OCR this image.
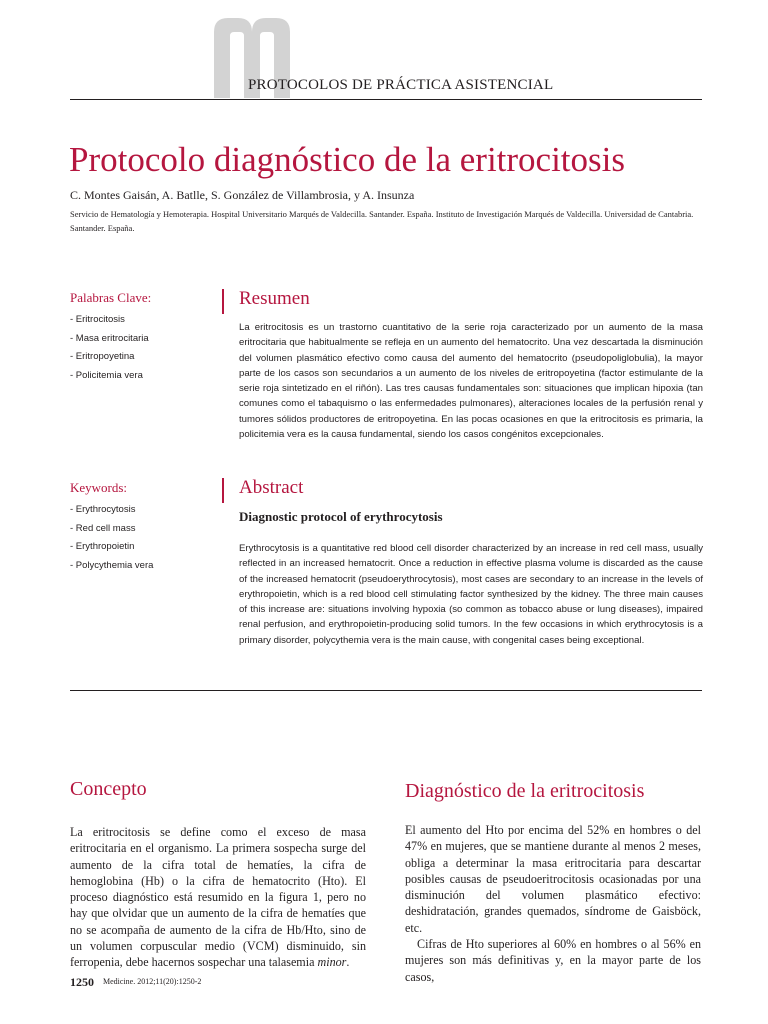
PROTOCOLOS DE PRÁCTICA ASISTENCIAL
Protocolo diagnóstico de la eritrocitosis
C. Montes Gaisán, A. Batlle, S. González de Villambrosia, y A. Insunza
Servicio de Hematología y Hemoterapia. Hospital Universitario Marqués de Valdecilla. Santander. España. Instituto de Investigación Marqués de Valdecilla. Universidad de Cantabria. Santander. España.
Palabras Clave:
- Eritrocitosis
- Masa eritrocitaria
- Eritropoyetina
- Policitemia vera
Resumen
La eritrocitosis es un trastorno cuantitativo de la serie roja caracterizado por un aumento de la masa eritrocitaria que habitualmente se refleja en un aumento del hematocrito. Una vez descartada la disminución del volumen plasmático efectivo como causa del aumento del hematocrito (pseudopoliglobulia), la mayor parte de los casos son secundarios a un aumento de los niveles de eritropoyetina (factor estimulante de la serie roja sintetizado en el riñón). Las tres causas fundamentales son: situaciones que implican hipoxia (tan comunes como el tabaquismo o las enfermedades pulmonares), alteraciones locales de la perfusión renal y tumores sólidos productores de eritropoyetina. En las pocas ocasiones en que la eritrocitosis es primaria, la policitemia vera es la causa fundamental, siendo los casos congénitos excepcionales.
Keywords:
- Erythrocytosis
- Red cell mass
- Erythropoietin
- Polycythemia vera
Abstract
Diagnostic protocol of erythrocytosis
Erythrocytosis is a quantitative red blood cell disorder characterized by an increase in red cell mass, usually reflected in an increased hematocrit. Once a reduction in effective plasma volume is discarded as the cause of the increased hematocrit (pseudoerythrocytosis), most cases are secondary to an increase in the levels of erythropoietin, which is a red blood cell stimulating factor synthesized by the kidney. The three main causes of this increase are: situations involving hypoxia (so common as tobacco abuse or lung diseases), impaired renal perfusion, and erythropoietin-producing solid tumors. In the few occasions in which erythrocytosis is a primary disorder, polycythemia vera is the main cause, with congenital cases being exceptional.
Concepto

La eritrocitosis se define como el exceso de masa eritrocitaria en el organismo. La primera sospecha surge del aumento de la cifra total de hematíes, la cifra de hemoglobina (Hb) o la cifra de hematocrito (Hto). El proceso diagnóstico está resumido en la figura 1, pero no hay que olvidar que un aumento de la cifra de hematíes que no se acompaña de aumento de la cifra de Hb/Hto, sino de un volumen corpuscular medio (VCM) disminuido, sin ferropenia, debe hacernos sospechar una talasemia minor.

Diagnóstico de la eritrocitosis

El aumento del Hto por encima del 52% en hombres o del 47% en mujeres, que se mantiene durante al menos 2 meses, obliga a determinar la masa eritrocitaria para descartar posibles causas de pseudoeritrocitosis ocasionadas por una disminución del volumen plasmático efectivo: deshidratación, grandes quemados, síndrome de Gaisböck, etc.

Cifras de Hto superiores al 60% en hombres o al 56% en mujeres son más definitivas y, en la mayor parte de los casos,

1250 Medicine. 2012;11(20):1250-2
